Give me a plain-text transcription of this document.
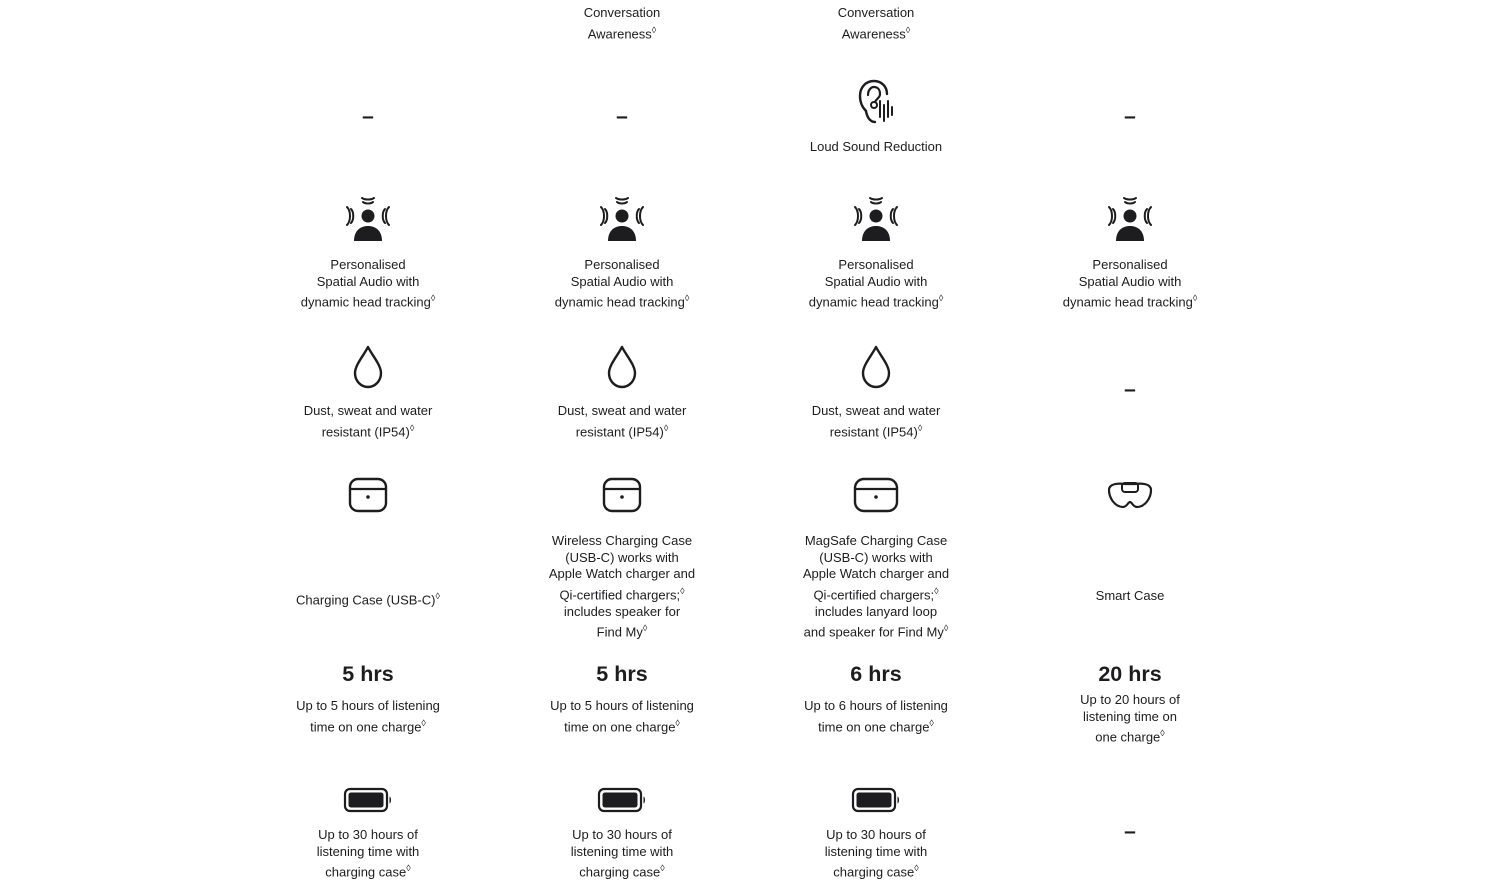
Conversation
Awareness◊
Conversation
Awareness◊
–	–
Loud Sound Reduction
–
Personalised
Spatial Audio with
dynamic head tracking◊
Personalised
Spatial Audio with
dynamic head tracking◊
Personalised
Spatial Audio with
dynamic head tracking◊
Personalised
Spatial Audio with
dynamic head tracking◊
Dust, sweat and water
resistant (IP54)◊
Dust, sweat and water
resistant (IP54)◊
Dust, sweat and water
resistant (IP54)◊
–
Charging Case (USB-C)◊
Wireless Charging Case
(USB-C) works with
Apple Watch charger and
Qi-certified chargers;◊
includes speaker for
Find My◊
MagSafe Charging Case
(USB-C) works with
Apple Watch charger and
Qi-certified chargers;◊
includes lanyard loop
and speaker for Find My◊
Smart Case
5 hrs
Up to 5 hours of listening
time on one charge◊
5 hrs
Up to 5 hours of listening
time on one charge◊
6 hrs
Up to 6 hours of listening
time on one charge◊
20 hrs
Up to 20 hours of
listening time on
one charge◊
Up to 30 hours of
listening time with
charging case◊
Up to 30 hours of
listening time with
charging case◊
Up to 30 hours of
listening time with
charging case◊
–
